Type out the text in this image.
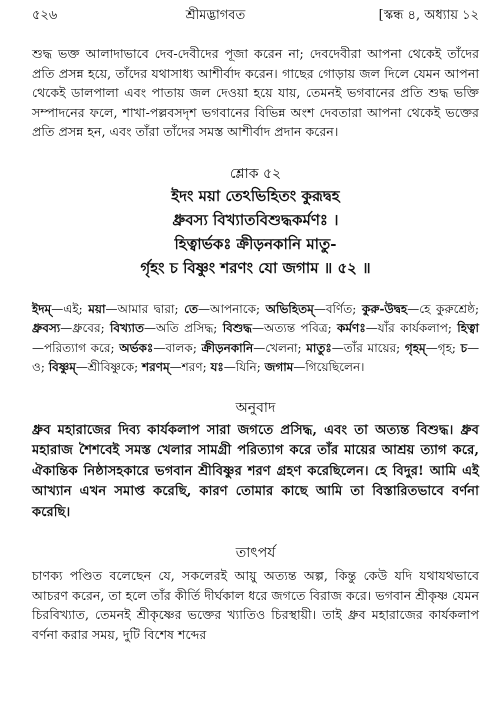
৫২৬	শ্রীমদ্ভাগবত	[স্কন্ধ ৪, অধ্যায় ১২

শুদ্ধ ভক্ত আলাদাভাবে দেব-দেবীদের পূজা করেন না; দেবদেবীরা আপনা থেকেই তাঁদের প্রতি প্রসন্ন হয়ে, তাঁদের যথাসাধ্য আশীর্বাদ করেন। গাছের গোড়ায় জল দিলে যেমন আপনা থেকেই ডালপালা এবং পাতায় জল দেওয়া হয়ে যায়, তেমনই ভগবানের প্রতি শুদ্ধ ভক্তি সম্পাদনের ফলে, শাখা-পল্লবসদৃশ ভগবানের বিভিন্ন অংশ দেবতারা আপনা থেকেই ভক্তের প্রতি প্রসন্ন হন, এবং তাঁরা তাঁদের সমস্ত আশীর্বাদ প্রদান করেন।

শ্লোক ৫২
ইদং ময়া তেঽভিহিতং কুরূদ্বহ
ধ্রুবস্য বিখ্যাতবিশুদ্ধকর্মণঃ ।
হিত্বার্ভকঃ ক্রীড়নকানি মাতু-
র্গৃহং চ বিষ্ণুং শরণং যো জগাম ॥ ৫২ ॥
ইদম্—এই; ময়া—আমার দ্বারা; তে—আপনাকে; অভিহিতম্—বর্ণিত; কুরু-উদ্বহ—হে কুরুশ্রেষ্ঠ; ধ্রুবস্য—ধ্রুবের; বিখ্যাত—অতি প্রসিদ্ধ; বিশুদ্ধ—অত্যন্ত পবিত্র; কর্মণঃ—যাঁর কার্যকলাপ; হিত্বা—পরিত্যাগ করে; অর্ভকঃ—বালক; ক্রীড়নকানি—খেলনা; মাতুঃ—তাঁর মায়ের; গৃহম্—গৃহ; চ—ও; বিষ্ণুম্—শ্রীবিষ্ণুকে; শরণম্—শরণ; যঃ—যিনি; জগাম—গিয়েছিলেন।
অনুবাদ

ধ্রুব মহারাজের দিব্য কার্যকলাপ সারা জগতে প্রসিদ্ধ, এবং তা অত্যন্ত বিশুদ্ধ। ধ্রুব মহারাজ শৈশবেই সমস্ত খেলার সামগ্রী পরিত্যাগ করে তাঁর মায়ের আশ্রয় ত্যাগ করে, ঐকান্তিক নিষ্ঠাসহকারে ভগবান শ্রীবিষ্ণুর শরণ গ্রহণ করেছিলেন। হে বিদুর! আমি এই আখ্যান এখন সমাপ্ত করেছি, কারণ তোমার কাছে আমি তা বিস্তারিতভাবে বর্ণনা করেছি।

তাৎপর্য

চাণক্য পণ্ডিত বলেছেন যে, সকলেরই আয়ু অত্যন্ত অল্প, কিন্তু কেউ যদি যথাযথভাবে আচরণ করেন, তা হলে তাঁর কীর্তি দীর্ঘকাল ধরে জগতে বিরাজ করে। ভগবান শ্রীকৃষ্ণ যেমন চিরবিখ্যাত, তেমনই শ্রীকৃষ্ণের ভক্তের খ্যাতিও চিরস্থায়ী। তাই ধ্রুব মহারাজের কার্যকলাপ বর্ণনা করার সময়, দুটি বিশেষ শব্দের
